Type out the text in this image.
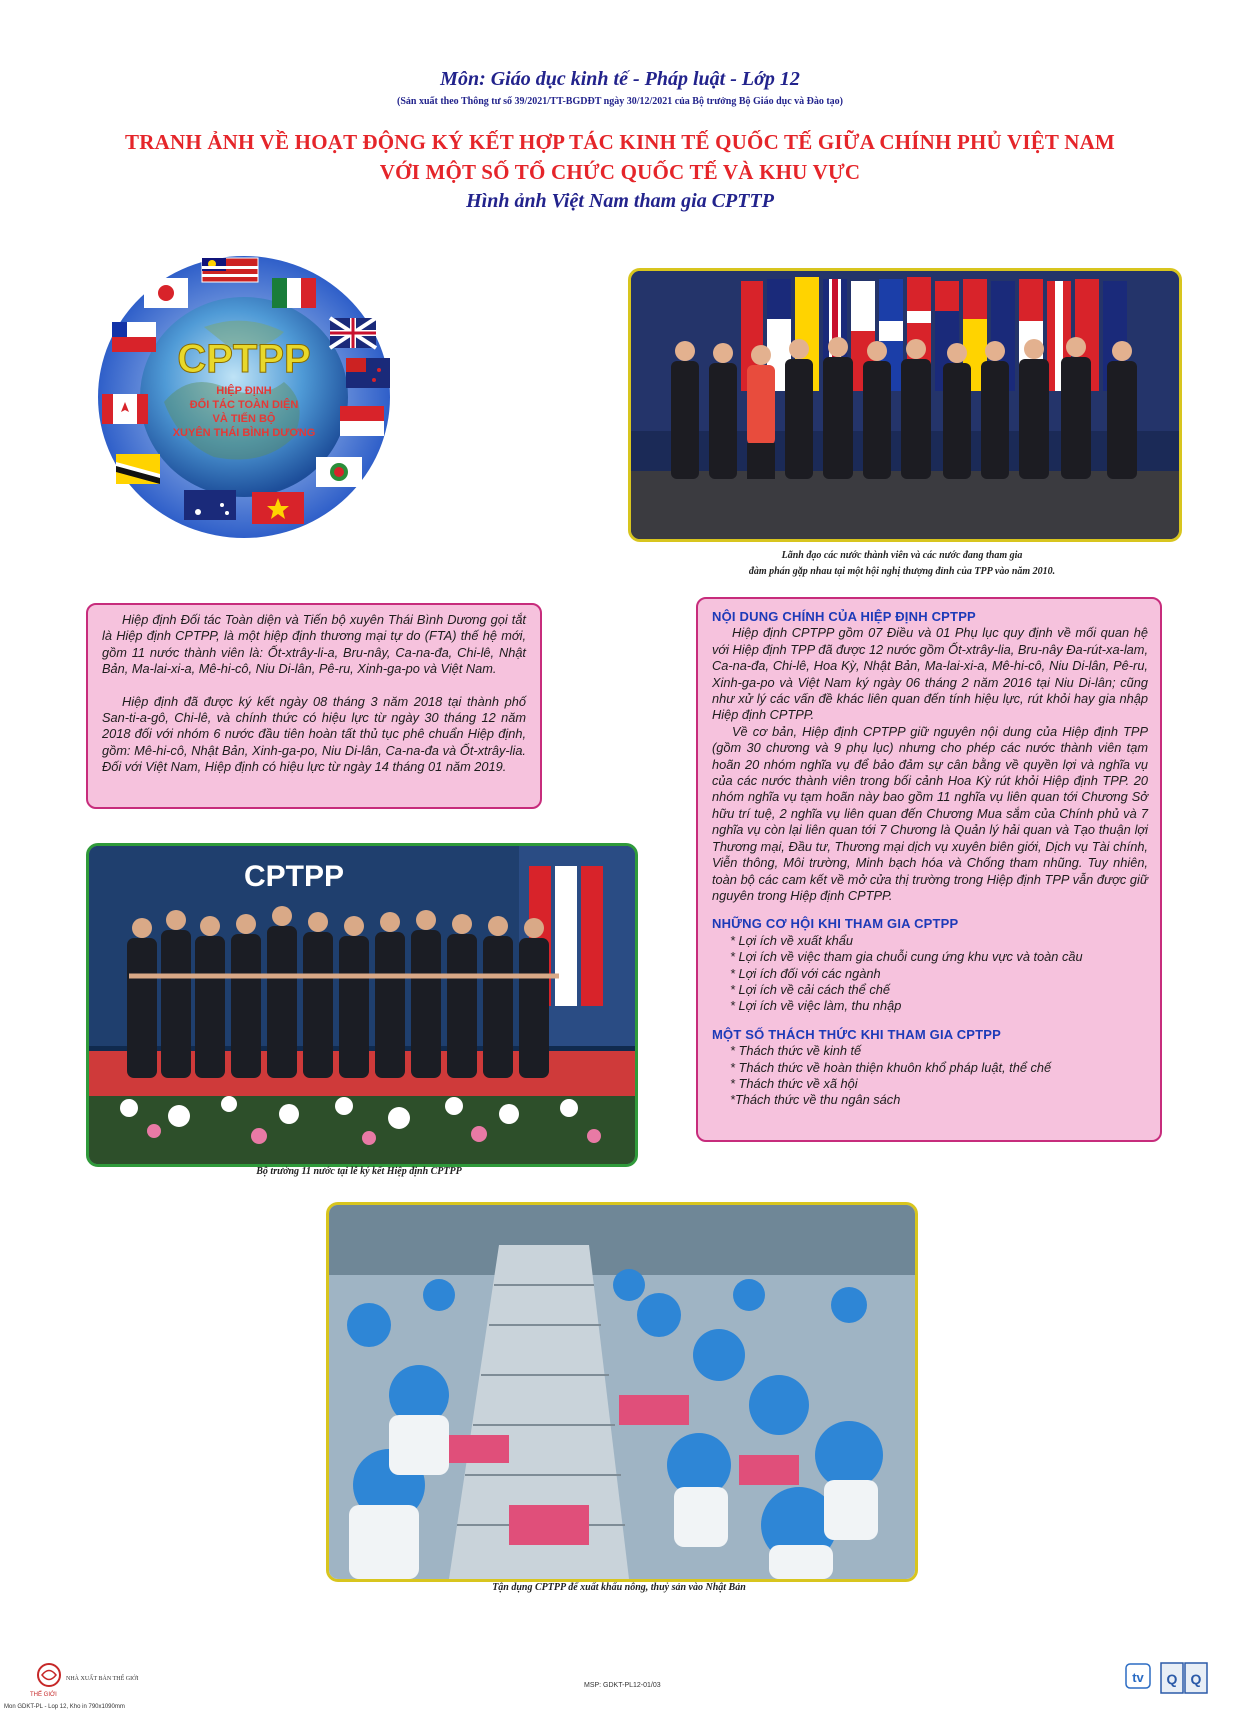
Môn: Giáo dục kinh tế - Pháp luật - Lớp 12
(Sản xuất theo Thông tư số 39/2021/TT-BGDĐT ngày 30/12/2021 của Bộ trưởng Bộ Giáo dục và Đào tạo)
TRANH ẢNH VỀ HOẠT ĐỘNG KÝ KẾT HỢP TÁC KINH TẾ QUỐC TẾ GIỮA CHÍNH PHỦ VIỆT NAM
VỚI MỘT SỐ TỔ CHỨC QUỐC TẾ VÀ KHU VỰC
Hình ảnh Việt Nam tham gia CPTTP
CPTPP
HIỆP ĐỊNH
ĐỐI TÁC TOÀN DIỆN
VÀ TIẾN BỘ
XUYÊN THÁI BÌNH DƯƠNG
Lãnh đạo các nước thành viên và các nước đang tham gia
đàm phán gặp nhau tại một hội nghị thượng đỉnh của TPP vào năm 2010.

Hiệp định Đối tác Toàn diện và Tiến bộ xuyên Thái Bình Dương gọi tắt là Hiệp định CPTPP, là một hiệp định thương mại tự do (FTA) thế hệ mới, gồm 11 nước thành viên là: Ốt-xtrây-li-a, Bru-nây, Ca-na-đa, Chi-lê, Nhật Bản, Ma-lai-xi-a, Mê-hi-cô, Niu Di-lân, Pê-ru, Xinh-ga-po và Việt Nam.

Hiệp định đã được ký kết ngày 08 tháng 3 năm 2018 tại thành phố San-ti-a-gô, Chi-lê, và chính thức có hiệu lực từ ngày 30 tháng 12 năm 2018 đối với nhóm 6 nước đầu tiên hoàn tất thủ tục phê chuẩn Hiệp định, gồm: Mê-hi-cô, Nhật Bản, Xinh-ga-po, Niu Di-lân, Ca-na-đa và Ốt-xtrây-lia. Đối với Việt Nam, Hiệp định có hiệu lực từ ngày 14 tháng 01 năm 2019.

NỘI DUNG CHÍNH CỦA HIỆP ĐỊNH CPTPP

Hiệp định CPTPP gồm 07 Điều và 01 Phụ lục quy định về mối quan hệ với Hiệp định TPP đã được 12 nước gồm Ốt-xtrây-lia, Bru-nây Đa-rút-xa-lam, Ca-na-đa, Chi-lê, Hoa Kỳ, Nhật Bản, Ma-lai-xi-a, Mê-hi-cô, Niu Di-lân, Pê-ru, Xinh-ga-po và Việt Nam ký ngày 06 tháng 2 năm 2016 tại Niu Di-lân; cũng như xử lý các vấn đề khác liên quan đến tính hiệu lực, rút khỏi hay gia nhập Hiệp định CPTPP.

Về cơ bản, Hiệp định CPTPP giữ nguyên nội dung của Hiệp định TPP (gồm 30 chương và 9 phụ lục) nhưng cho phép các nước thành viên tạm hoãn 20 nhóm nghĩa vụ để bảo đảm sự cân bằng về quyền lợi và nghĩa vụ của các nước thành viên trong bối cảnh Hoa Kỳ rút khỏi Hiệp định TPP. 20 nhóm nghĩa vụ tạm hoãn này bao gồm 11 nghĩa vụ liên quan tới Chương Sở hữu trí tuệ, 2 nghĩa vụ liên quan đến Chương Mua sắm của Chính phủ và 7 nghĩa vụ còn lại liên quan tới 7 Chương là Quản lý hải quan và Tạo thuận lợi Thương mại, Đầu tư, Thương mại dịch vụ xuyên biên giới, Dịch vụ Tài chính, Viễn thông, Môi trường, Minh bạch hóa và Chống tham nhũng. Tuy nhiên, toàn bộ các cam kết về mở cửa thị trường trong Hiệp định TPP vẫn được giữ nguyên trong Hiệp định CPTPP.

NHỮNG CƠ HỘI KHI THAM GIA CPTPP
* Lợi ích về xuất khẩu
* Lợi ích về việc tham gia chuỗi cung ứng khu vực và toàn cầu
* Lợi ích đối với các ngành
* Lợi ích về cải cách thể chế
* Lợi ích về việc làm, thu nhập
MỘT SỐ THÁCH THỨC KHI THAM GIA CPTPP
* Thách thức về kinh tế
* Thách thức về hoàn thiện khuôn khổ pháp luật, thể chế
* Thách thức về xã hội
*Thách thức về thu ngân sách
CPTPP
Bộ trưởng 11 nước tại lễ ký kết Hiệp định CPTPP
Tận dụng CPTPP để xuất khẩu nông, thuỷ sản vào Nhật Bản
THẾ GIỚI
NHÀ XUẤT BẢN THẾ GIỚI
MSP: GDKT-PL12-01/03
Mon GDKT-PL - Lop 12, Kho in 790x1090mm
tv Q Q
